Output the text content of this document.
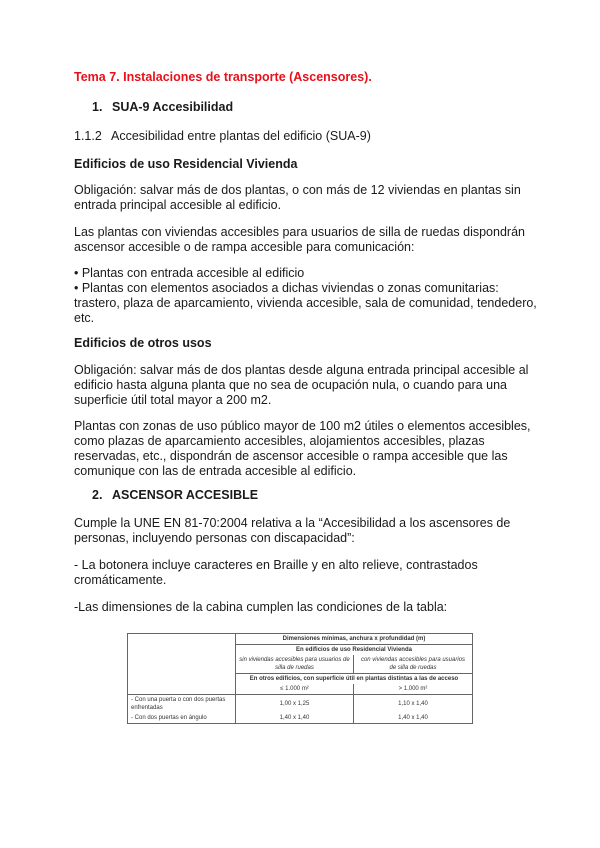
Tema 7. Instalaciones de transporte (Ascensores).
1. SUA-9 Accesibilidad
1.1.2 Accesibilidad entre plantas del edificio (SUA-9)
Edificios de uso Residencial Vivienda
Obligación: salvar más de dos plantas, o con más de 12 viviendas en plantas sin
entrada principal accesible al edificio.
Las plantas con viviendas accesibles para usuarios de silla de ruedas dispondrán
ascensor accesible o de rampa accesible para comunicación:
• Plantas con entrada accesible al edificio
• Plantas con elementos asociados a dichas viviendas o zonas comunitarias:
trastero, plaza de aparcamiento, vivienda accesible, sala de comunidad, tendedero,
etc.
Edificios de otros usos
Obligación: salvar más de dos plantas desde alguna entrada principal accesible al
edificio hasta alguna planta que no sea de ocupación nula, o cuando para una
superficie útil total mayor a 200 m2.
Plantas con zonas de uso público mayor de 100 m2 útiles o elementos accesibles,
como plazas de aparcamiento accesibles, alojamientos accesibles, plazas
reservadas, etc., dispondrán de ascensor accesible o rampa accesible que las
comunique con las de entrada accesible al edificio.
2. ASCENSOR ACCESIBLE
Cumple la UNE EN 81-70:2004 relativa a la “Accesibilidad a los ascensores de
personas, incluyendo personas con discapacidad”:
- La botonera incluye caracteres en Braille y en alto relieve, contrastados
cromáticamente.
-Las dimensiones de la cabina cumplen las condiciones de la tabla:
	Dimensiones mínimas, anchura x profundidad (m)	
	En edificios de uso Residencial Vivienda	
	sin viviendas accesibles para usuarios de silla de ruedas	con viviendas accesibles para usuarios de silla de ruedas
	En otros edificios, con superficie útil en plantas distintas a las de acceso	
	≤ 1.000 m²	> 1.000 m²
- Con una puerta o con dos puertas enfrentadas	1,00 x 1,25	1,10 x 1,40
- Con dos puertas en ángulo	1,40 x 1,40	1,40 x 1,40
